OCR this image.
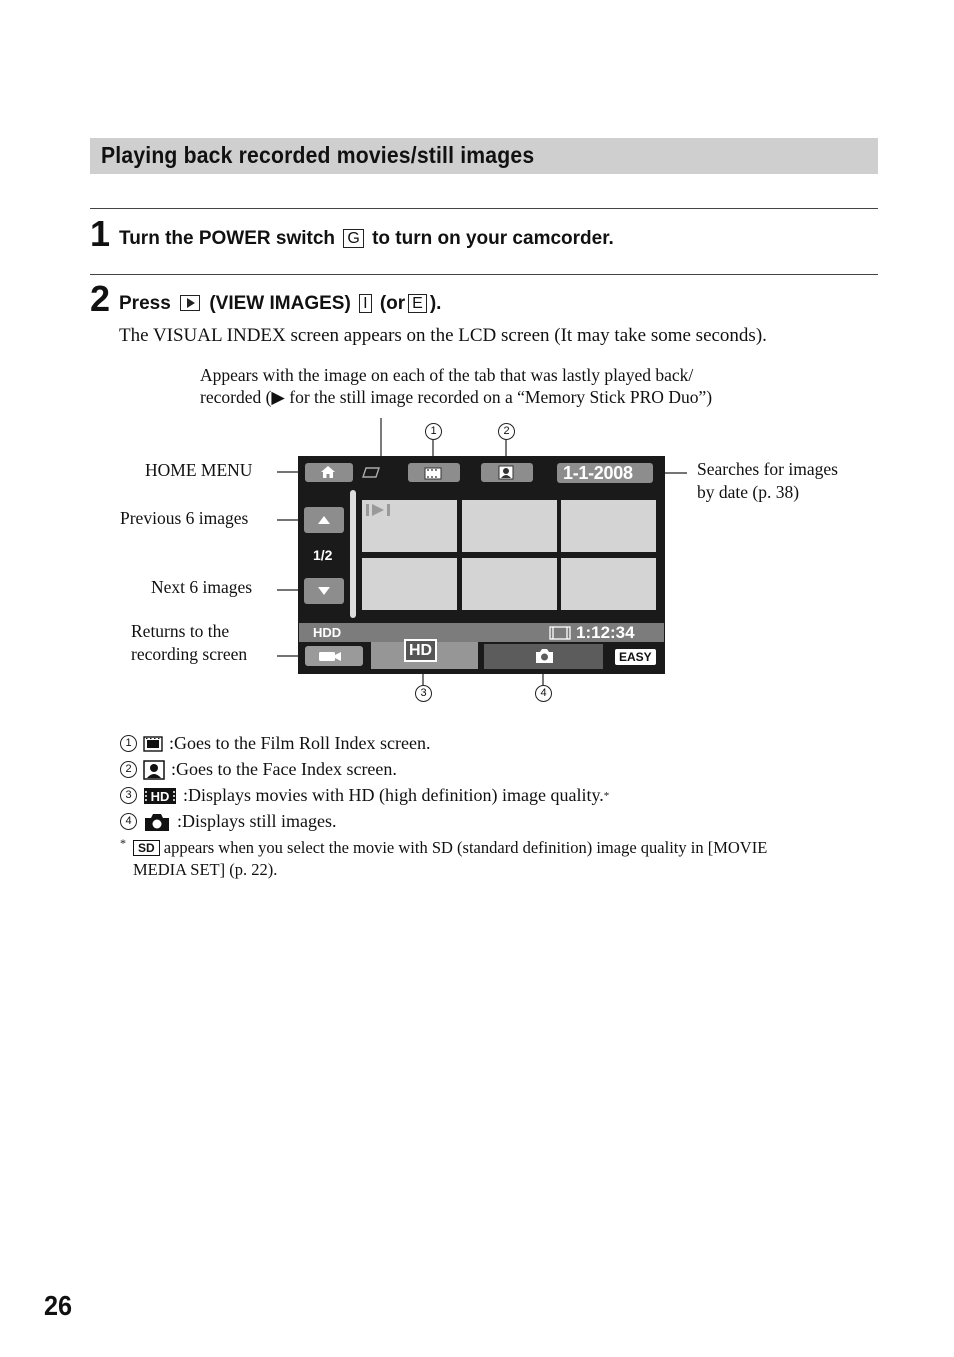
Playing back recorded movies/still images
1 Turn the POWER switch G to turn on your camcorder.
2 Press (VIEW IMAGES) I (or E ).
The VISUAL INDEX screen appears on the LCD screen (It may take some seconds).
Appears with the image on each of the tab that was lastly played back/
recorded (▶ for the still image recorded on a “Memory Stick PRO Duo”)
HOME MENU
Previous 6 images
Next 6 images
Returns to the
recording screen
Searches for images
by date (p. 38)
1	2
3	4
1-1-2008
1/2
HDD	1:12:34
HD	EASY
1	:Goes to the Film Roll Index screen.
2	:Goes to the Face Index screen.
3	HD :Displays movies with HD (high definition) image quality. *
4	:Displays still images.
*	SD appears when you select the movie with SD (standard definition) image quality in [MOVIE
MEDIA SET] (p. 22).
26
